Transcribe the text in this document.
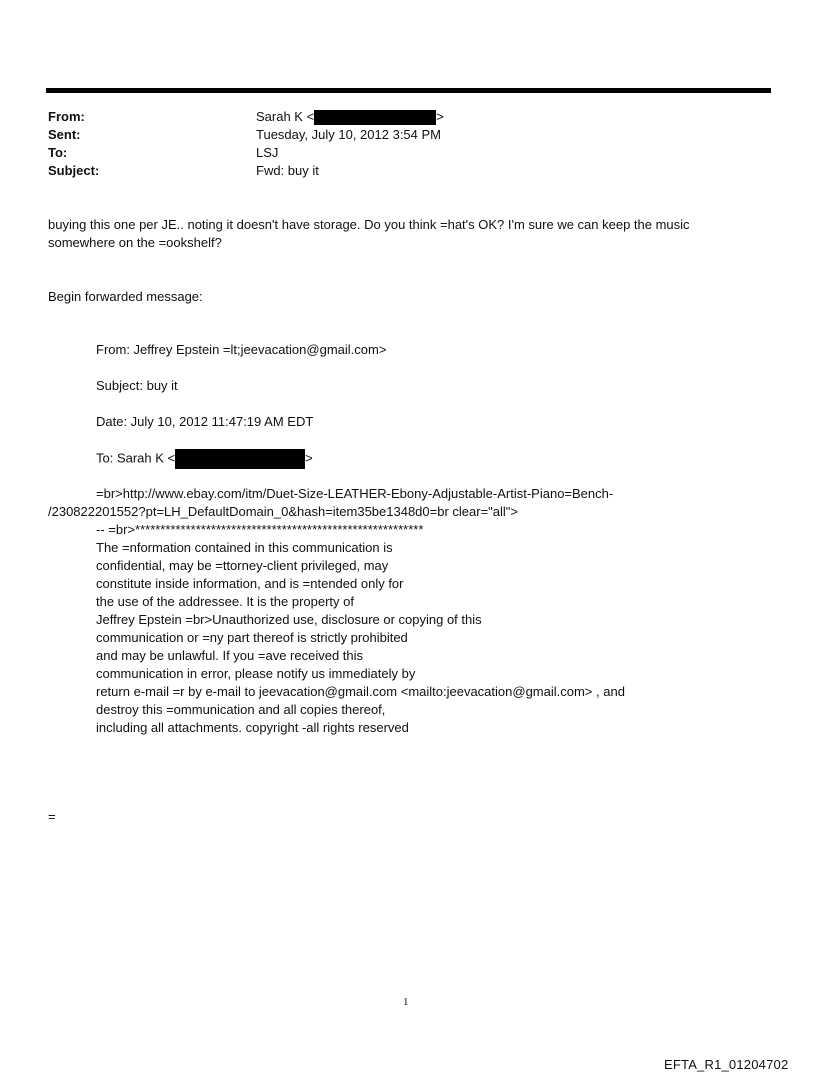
From:	Sarah K <	>
Sent:	Tuesday, July 10, 2012 3:54 PM
To:	LSJ
Subject:	Fwd: buy it
buying this one per JE.. noting it doesn't have storage. Do you think =hat's OK? I'm sure we can keep the music
somewhere on the =ookshelf?
Begin forwarded message:
From: Jeffrey Epstein =lt;jeevacation@gmail.com>
Subject: buy it
Date: July 10, 2012 11:47:19 AM EDT
To: Sarah K <	>
=br>http://www.ebay.com/itm/Duet-Size-LEATHER-Ebony-Adjustable-Artist-Piano=Bench-
/230822201552?pt=LH_DefaultDomain_0&hash=item35be1348d0=br clear="all">
-- =br>*********************************************************
The =nformation contained in this communication is
confidential, may be =ttorney-client privileged, may
constitute inside information, and is =ntended only for
the use of the addressee. It is the property of
Jeffrey Epstein =br>Unauthorized use, disclosure or copying of this
communication or =ny part thereof is strictly prohibited
and may be unlawful. If you =ave received this
communication in error, please notify us immediately by
return e-mail =r by e-mail to jeevacation@gmail.com <mailto:jeevacation@gmail.com> , and
destroy this =ommunication and all copies thereof,
including all attachments. copyright -all rights reserved
=
1
EFTA_R1_01204702
